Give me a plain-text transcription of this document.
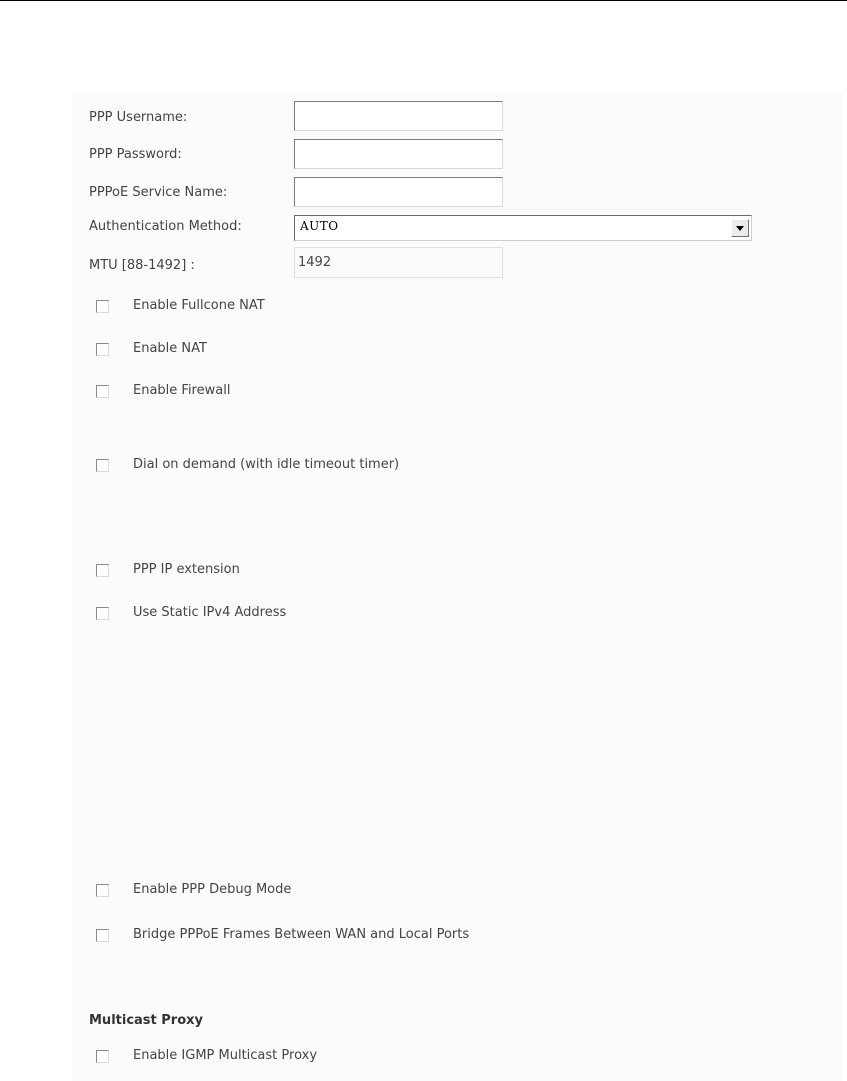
PPP Username:
PPP Password:
PPPoE Service Name:
Authentication Method:	AUTO
MTU [88-1492] :
1492
Enable Fullcone NAT
Enable NAT
Enable Firewall
Dial on demand (with idle timeout timer)
PPP IP extension
Use Static IPv4 Address
Enable PPP Debug Mode
Bridge PPPoE Frames Between WAN and Local Ports
Multicast Proxy
Enable IGMP Multicast Proxy
